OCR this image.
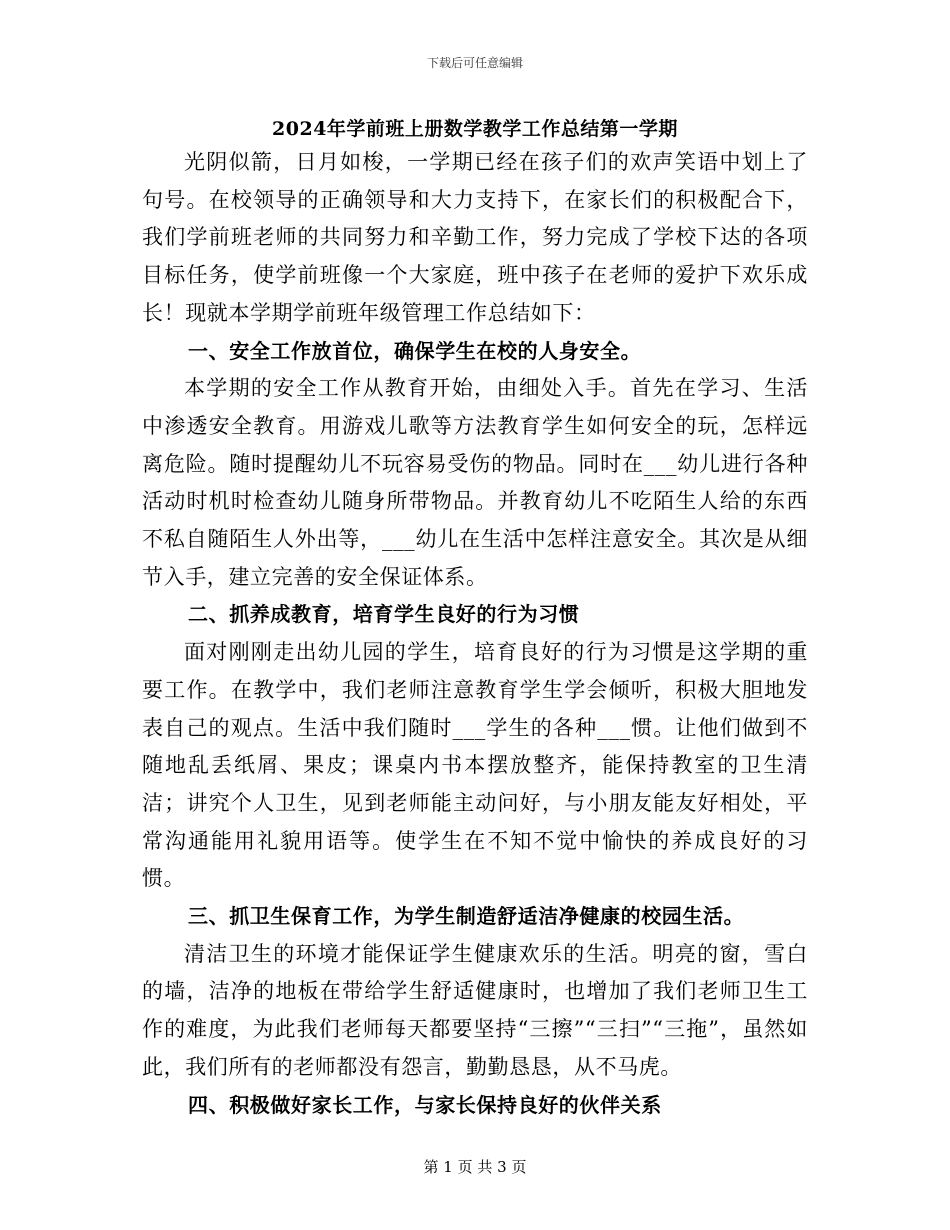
下载后可任意编辑
2024年学前班上册数学教学工作总结第一学期

光阴似箭，日月如梭，一学期已经在孩子们的欢声笑语中划上了句号。在校领导的正确领导和大力支持下，在家长们的积极配合下，我们学前班老师的共同努力和辛勤工作，努力完成了学校下达的各项目标任务，使学前班像一个大家庭，班中孩子在老师的爱护下欢乐成长！现就本学期学前班年级管理工作总结如下：

一、安全工作放首位，确保学生在校的人身安全。

本学期的安全工作从教育开始，由细处入手。首先在学习、生活中渗透安全教育。用游戏儿歌等方法教育学生如何安全的玩，怎样远离危险。随时提醒幼儿不玩容易受伤的物品。同时在___幼儿进行各种活动时机时检查幼儿随身所带物品。并教育幼儿不吃陌生人给的东西不私自随陌生人外出等，___幼儿在生活中怎样注意安全。其次是从细节入手，建立完善的安全保证体系。

二、抓养成教育，培育学生良好的行为习惯

面对刚刚走出幼儿园的学生，培育良好的行为习惯是这学期的重要工作。在教学中，我们老师注意教育学生学会倾听，积极大胆地发表自己的观点。生活中我们随时___学生的各种___惯。让他们做到不随地乱丢纸屑、果皮；课桌内书本摆放整齐，能保持教室的卫生清洁；讲究个人卫生，见到老师能主动问好，与小朋友能友好相处，平常沟通能用礼貌用语等。使学生在不知不觉中愉快的养成良好的习惯。

三、抓卫生保育工作，为学生制造舒适洁净健康的校园生活。

清洁卫生的环境才能保证学生健康欢乐的生活。明亮的窗，雪白的墙，洁净的地板在带给学生舒适健康时，也增加了我们老师卫生工作的难度，为此我们老师每天都要坚持“三擦”“三扫”“三拖”，虽然如此，我们所有的老师都没有怨言，勤勤恳恳，从不马虎。

四、积极做好家长工作，与家长保持良好的伙伴关系

第 1 页 共 3 页
